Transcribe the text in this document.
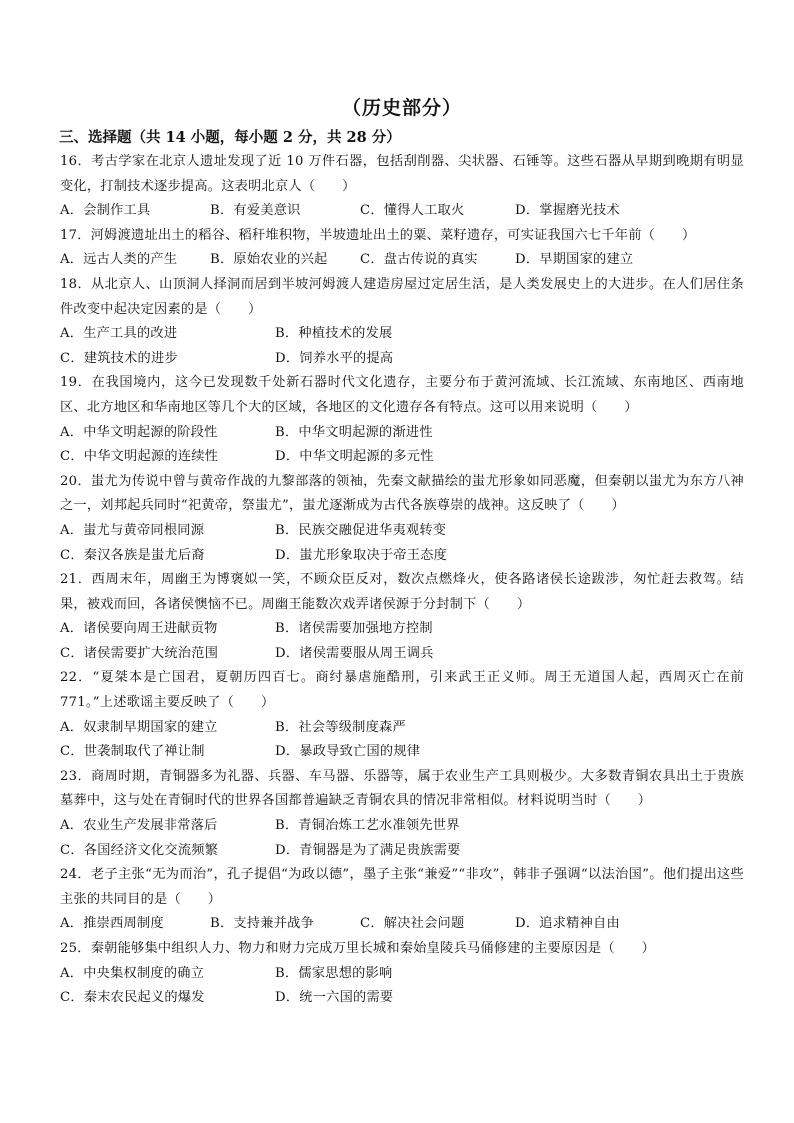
（历史部分）
三、选择题（共 14 小题，每小题 2 分，共 28 分）
16．考古学家在北京人遗址发现了近 10 万件石器，包括刮削器、尖状器、石锤等。这些石器从早期到晚期有明显变化，打制技术逐步提高。这表明北京人（　　）
A．会制作工具	B．有爱美意识	C．懂得人工取火	D．掌握磨光技术
17．河姆渡遗址出土的稻谷、稻秆堆积物，半坡遗址出土的粟、菜籽遗存，可实证我国六七千年前（　　）
A．远古人类的产生	B．原始农业的兴起	C．盘古传说的真实	D．早期国家的建立
18．从北京人、山顶洞人择洞而居到半坡河姆渡人建造房屋过定居生活，是人类发展史上的大进步。在人们居住条件改变中起决定因素的是（　　）
A．生产工具的改进	B．种植技术的发展
C．建筑技术的进步	D．饲养水平的提高
19．在我国境内，这今已发现数千处新石器时代文化遗存，主要分布于黄河流域、长江流域、东南地区、西南地区、北方地区和华南地区等几个大的区域，各地区的文化遗存各有特点。这可以用来说明（　　）
A．中华文明起源的阶段性	B．中华文明起源的渐进性
C．中华文明起源的连续性	D．中华文明起源的多元性
20．蚩尤为传说中曾与黄帝作战的九黎部落的领袖，先秦文献描绘的蚩尤形象如同恶魔，但秦朝以蚩尤为东方八神之一，刘邦起兵同时“祀黄帝，祭蚩尤”，蚩尤逐渐成为古代各族尊崇的战神。这反映了（　　）
A．蚩尤与黄帝同根同源	B．民族交融促进华夷观转变
C．秦汉各族是蚩尤后裔	D．蚩尤形象取决于帝王态度
21．西周末年，周幽王为博褒姒一笑，不顾众臣反对，数次点燃烽火，使各路诸侯长途跋涉，匆忙赶去救驾。结果，被戏而回，各诸侯懊恼不已。周幽王能数次戏弄诸侯源于分封制下（　　）
A．诸侯要向周王进献贡物	B．诸侯需要加强地方控制
C．诸侯需要扩大统治范围	D．诸侯需要服从周王调兵
22．“夏桀本是亡国君，夏朝历四百七。商纣暴虐施酷刑，引来武王正义师。周王无道国人起，西周灭亡在前 771。”上述歌谣主要反映了（　　）
A．奴隶制早期国家的建立	B．社会等级制度森严
C．世袭制取代了禅让制	D．暴政导致亡国的规律
23．商周时期，青铜器多为礼器、兵器、车马器、乐器等，属于农业生产工具则极少。大多数青铜农具出土于贵族墓葬中，这与处在青铜时代的世界各国都普遍缺乏青铜农具的情况非常相似。材料说明当时（　　）
A．农业生产发展非常落后	B．青铜冶炼工艺水准领先世界
C．各国经济文化交流频繁	D．青铜器是为了满足贵族需要
24．老子主张“无为而治”，孔子提倡“为政以德”，墨子主张“兼爱”“非攻”，韩非子强调“以法治国”。他们提出这些主张的共同目的是（　　）
A．推崇西周制度	B．支持兼并战争	C．解决社会问题	D．追求精神自由
25．秦朝能够集中组织人力、物力和财力完成万里长城和秦始皇陵兵马俑修建的主要原因是（　　）
A．中央集权制度的确立	B．儒家思想的影响
C．秦末农民起义的爆发	D．统一六国的需要
